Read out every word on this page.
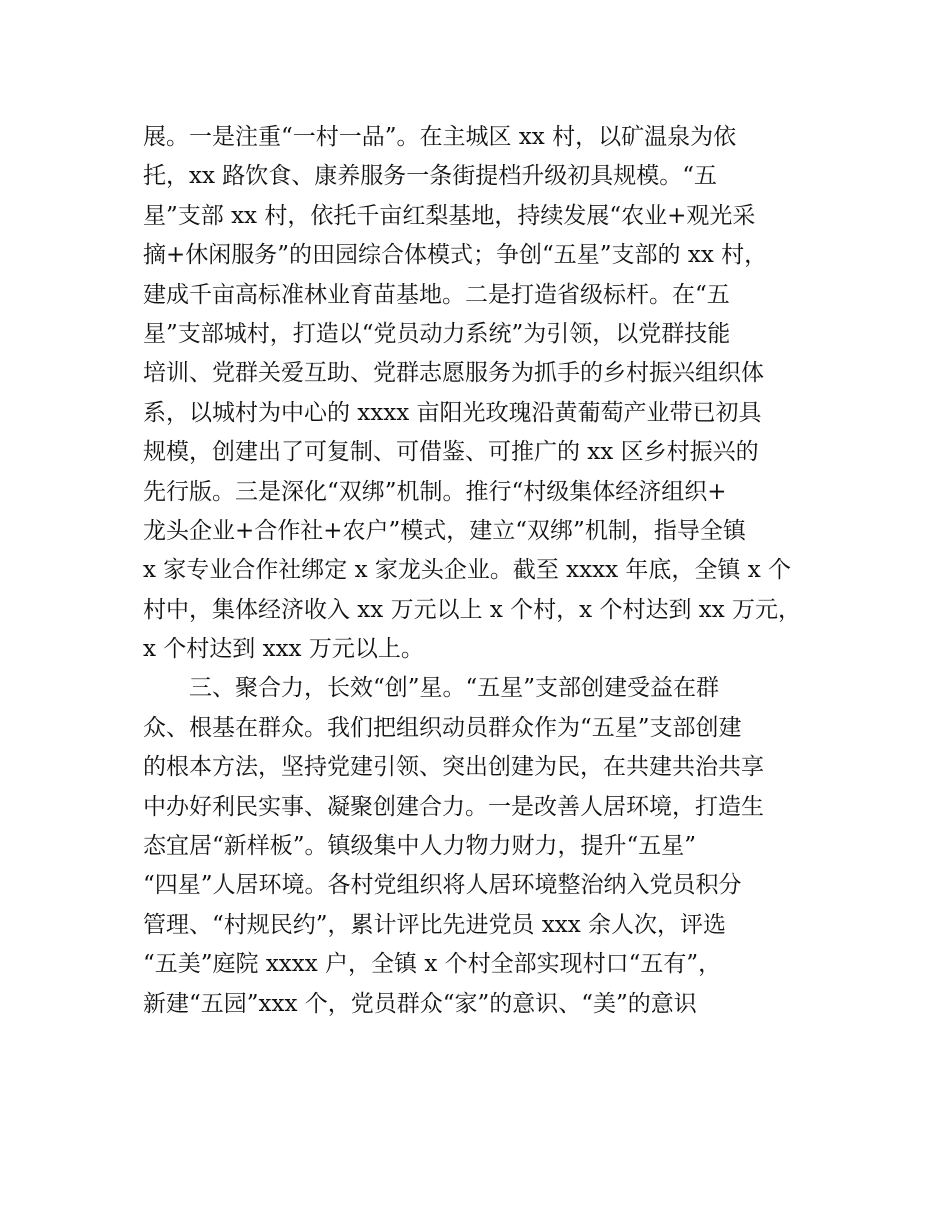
展。一是注重“一村一品”。在主城区 xx 村，以矿温泉为依
托，xx 路饮食、康养服务一条街提档升级初具规模。“五
星”支部 xx 村，依托千亩红梨基地，持续发展“农业+观光采
摘+休闲服务”的田园综合体模式；争创“五星”支部的 xx 村，
建成千亩高标准林业育苗基地。二是打造省级标杆。在“五
星”支部城村，打造以“党员动力系统”为引领，以党群技能
培训、党群关爱互助、党群志愿服务为抓手的乡村振兴组织体
系，以城村为中心的 xxxx 亩阳光玫瑰沿黄葡萄产业带已初具
规模，创建出了可复制、可借鉴、可推广的 xx 区乡村振兴的
先行版。三是深化“双绑”机制。推行“村级集体经济组织+
龙头企业+合作社+农户”模式，建立“双绑”机制，指导全镇
x 家专业合作社绑定 x 家龙头企业。截至 xxxx 年底，全镇 x 个
村中，集体经济收入 xx 万元以上 x 个村，x 个村达到 xx 万元，
x 个村达到 xxx 万元以上。
三、聚合力，长效“创”星。“五星”支部创建受益在群
众、根基在群众。我们把组织动员群众作为“五星”支部创建
的根本方法，坚持党建引领、突出创建为民，在共建共治共享
中办好利民实事、凝聚创建合力。一是改善人居环境，打造生
态宜居“新样板”。镇级集中人力物力财力，提升“五星”
“四星”人居环境。各村党组织将人居环境整治纳入党员积分
管理、“村规民约”，累计评比先进党员 xxx 余人次，评选
“五美”庭院 xxxx 户，全镇 x 个村全部实现村口“五有”，
新建“五园”xxx 个，党员群众“家”的意识、“美”的意识
